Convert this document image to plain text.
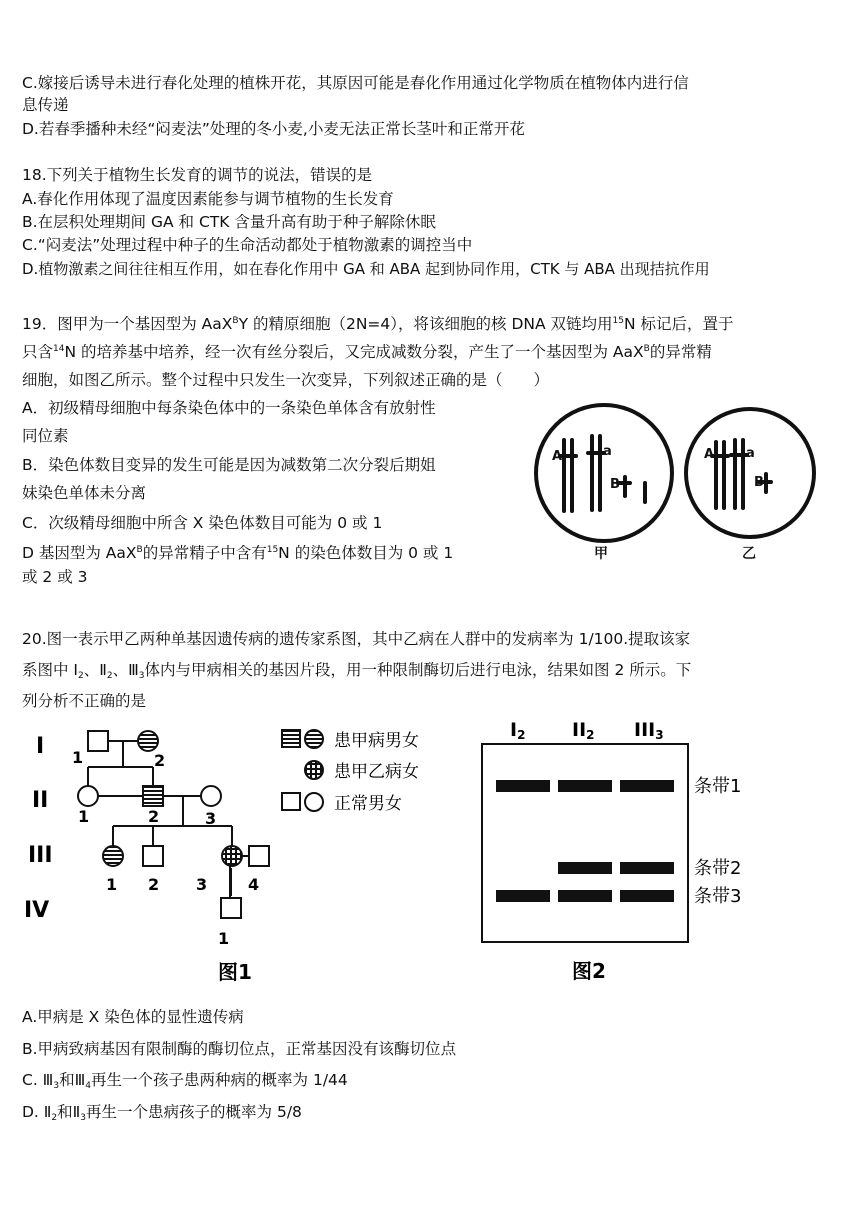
C.嫁接后诱导未进行春化处理的植株开花，其原因可能是春化作用通过化学物质在植物体内进行信
息传递
D.若春季播种未经“闷麦法”处理的冬小麦,小麦无法正常长茎叶和正常开花
18.下列关于植物生长发育的调节的说法，错误的是
A.春化作用体现了温度因素能参与调节植物的生长发育
B.在层积处理期间 GA 和 CTK 含量升高有助于种子解除休眠
C.“闷麦法”处理过程中种子的生命活动都处于植物激素的调控当中
D.植物激素之间往往相互作用，如在春化作用中 GA 和 ABA 起到协同作用，CTK 与 ABA 出现拮抗作用
19．图甲为一个基因型为 AaX$^B$Y 的精原细胞（2N=4），将该细胞的核 DNA 双链均用$^{15}$N 标记后，置于
只含$^{14}$N 的培养基中培养，经一次有丝分裂后，又完成减数分裂，产生了一个基因型为 AaX$^B$的异常精
细胞，如图乙所示。整个过程中只发生一次变异，下列叙述正确的是（　　）
A．初级精母细胞中每条染色体中的一条染色单体含有放射性
同位素
B．染色体数目变异的发生可能是因为减数第二次分裂后期姐
妹染色单体未分离
C．次级精母细胞中所含 X 染色体数目可能为 0 或 1
D 基因型为 AaX$^B$的异常精子中含有$^{15}$N 的染色体数目为 0 或 1
或 2 或 3
A	a
B
甲
A a
B
乙
20.图一表示甲乙两种单基因遗传病的遗传家系图，其中乙病在人群中的发病率为 1/100.提取该家
系图中 $Ⅰ_2$、$Ⅱ_2$、$Ⅲ_3$体内与甲病相关的基因片段，用一种限制酶切后进行电泳，结果如图 2 所示。下
列分析不正确的是
I
II
III
IV
1	2
1	2	3
1 2 3	4
1
患甲病男女
患甲乙病女
正常男女
图1
I2 II2 III3
条带1
条带2
条带3
图2
A.甲病是 X 染色体的显性遗传病
B.甲病致病基因有限制酶的酶切位点，正常基因没有该酶切位点
C. $Ⅲ_3$和$Ⅲ_4$再生一个孩子患两种病的概率为 1/44
D. $Ⅱ_2$和$Ⅱ_3$再生一个患病孩子的概率为 5/8
